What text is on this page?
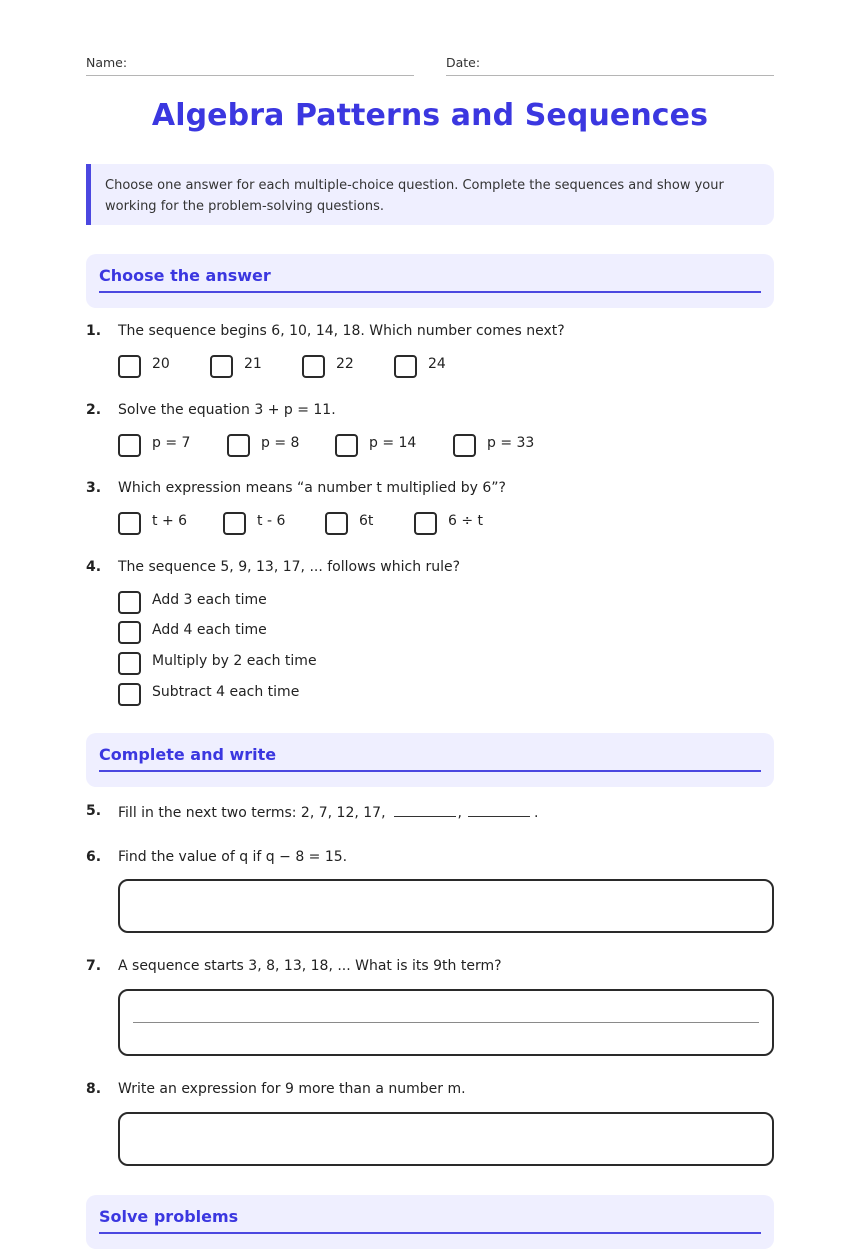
Name:	Date:
Algebra Patterns and Sequences
Choose one answer for each multiple-choice question. Complete the sequences and show your working for the problem-solving questions.
Choose the answer
1. The sequence begins 6, 10, 14, 18. Which number comes next?
20	21	22	24
2. Solve the equation 3 + p = 11.
p = 7	p = 8	p = 14	p = 33
3. Which expression means “a number t multiplied by 6”?
t + 6	t - 6	6t	6 ÷ t
4. The sequence 5, 9, 13, 17, ... follows which rule?
Add 3 each time
Add 4 each time
Multiply by 2 each time
Subtract 4 each time
Complete and write
5. Fill in the next two terms: 2, 7, 12, 17,	,	.
6. Find the value of q if q − 8 = 15.
7. A sequence starts 3, 8, 13, 18, ... What is its 9th term?
8. Write an expression for 9 more than a number m.
Solve problems
